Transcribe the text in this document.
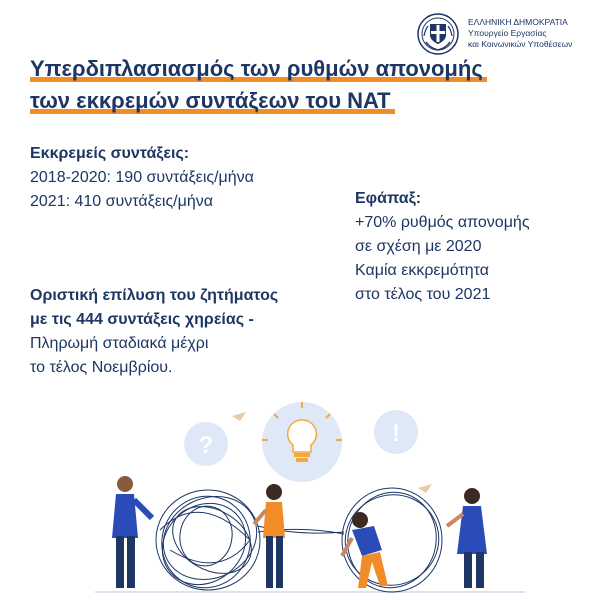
ΕΛΛΗΝΙΚΗ ΔΗΜΟΚΡΑΤΙΑ
Υπουργείο Εργασίας
και Κοινωνικών Υποθέσεων
Υπερδιπλασιασμός των ρυθμών απονομής
των εκκρεμών συντάξεων του ΝΑΤ
Εκκρεμείς συντάξεις:
2018-2020: 190 συντάξεις/μήνα
2021: 410 συντάξεις/μήνα	Εφάπαξ:
+70% ρυθμός απονομής
σε σχέση με 2020
Καμία εκκρεμότητα
στο τέλος του 2021
Οριστική επίλυση του ζητήματος
με τις 444 συντάξεις χηρείας -
Πληρωμή σταδιακά μέχρι
το τέλος Νοεμβρίου.
?	!
